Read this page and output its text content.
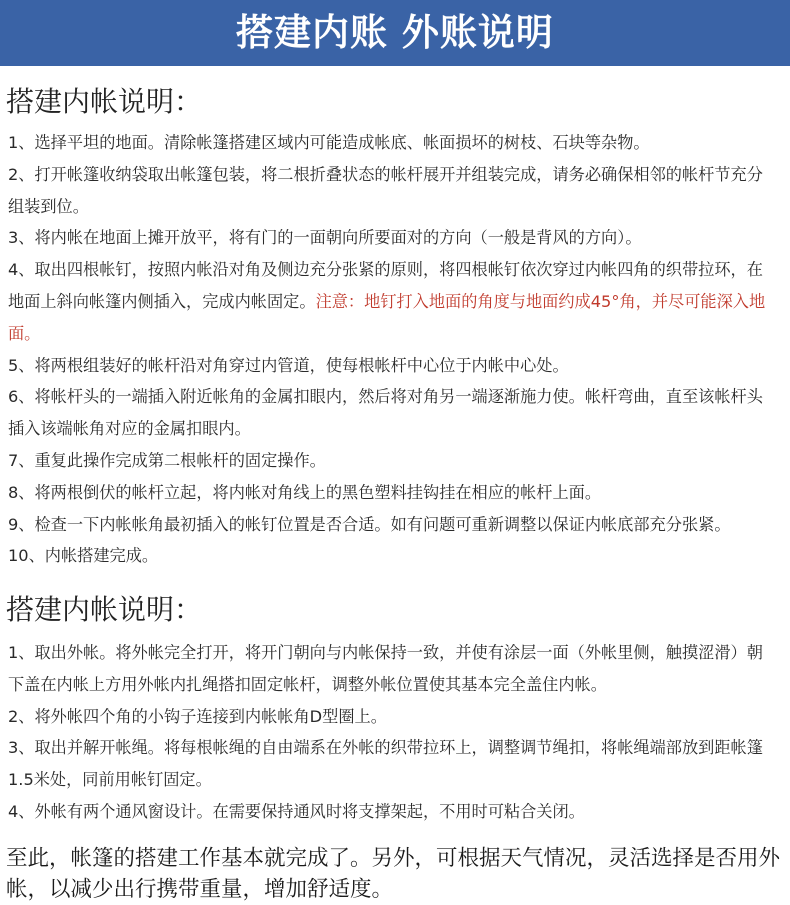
搭建内账 外账说明
搭建内帐说明：
1、选择平坦的地面。清除帐篷搭建区域内可能造成帐底、帐面损坏的树枝、石块等杂物。
2、打开帐篷收纳袋取出帐篷包装，将二根折叠状态的帐杆展开并组装完成，请务必确保相邻的帐杆节充分组装到位。
3、将内帐在地面上摊开放平，将有门的一面朝向所要面对的方向（一般是背风的方向）。
4、取出四根帐钉，按照内帐沿对角及侧边充分张紧的原则，将四根帐钉依次穿过内帐四角的织带拉环，在地面上斜向帐篷内侧插入，完成内帐固定。注意：地钉打入地面的角度与地面约成45°角，并尽可能深入地面。
5、将两根组装好的帐杆沿对角穿过内管道，使每根帐杆中心位于内帐中心处。
6、将帐杆头的一端插入附近帐角的金属扣眼内，然后将对角另一端逐渐施力使。帐杆弯曲，直至该帐杆头插入该端帐角对应的金属扣眼内。
7、重复此操作完成第二根帐杆的固定操作。
8、将两根倒伏的帐杆立起，将内帐对角线上的黑色塑料挂钩挂在相应的帐杆上面。
9、检查一下内帐帐角最初插入的帐钉位置是否合适。如有问题可重新调整以保证内帐底部充分张紧。
10、内帐搭建完成。
搭建内帐说明：
1、取出外帐。将外帐完全打开，将开门朝向与内帐保持一致，并使有涂层一面（外帐里侧，触摸涩滑）朝下盖在内帐上方用外帐内扎绳搭扣固定帐杆，调整外帐位置使其基本完全盖住内帐。
2、将外帐四个角的小钩子连接到内帐帐角D型圈上。
3、取出并解开帐绳。将每根帐绳的自由端系在外帐的织带拉环上，调整调节绳扣，将帐绳端部放到距帐篷1.5米处，同前用帐钉固定。
4、外帐有两个通风窗设计。在需要保持通风时将支撑架起，不用时可粘合关闭。

至此，帐篷的搭建工作基本就完成了。另外，可根据天气情况，灵活选择是否用外帐，以减少出行携带重量，增加舒适度。
